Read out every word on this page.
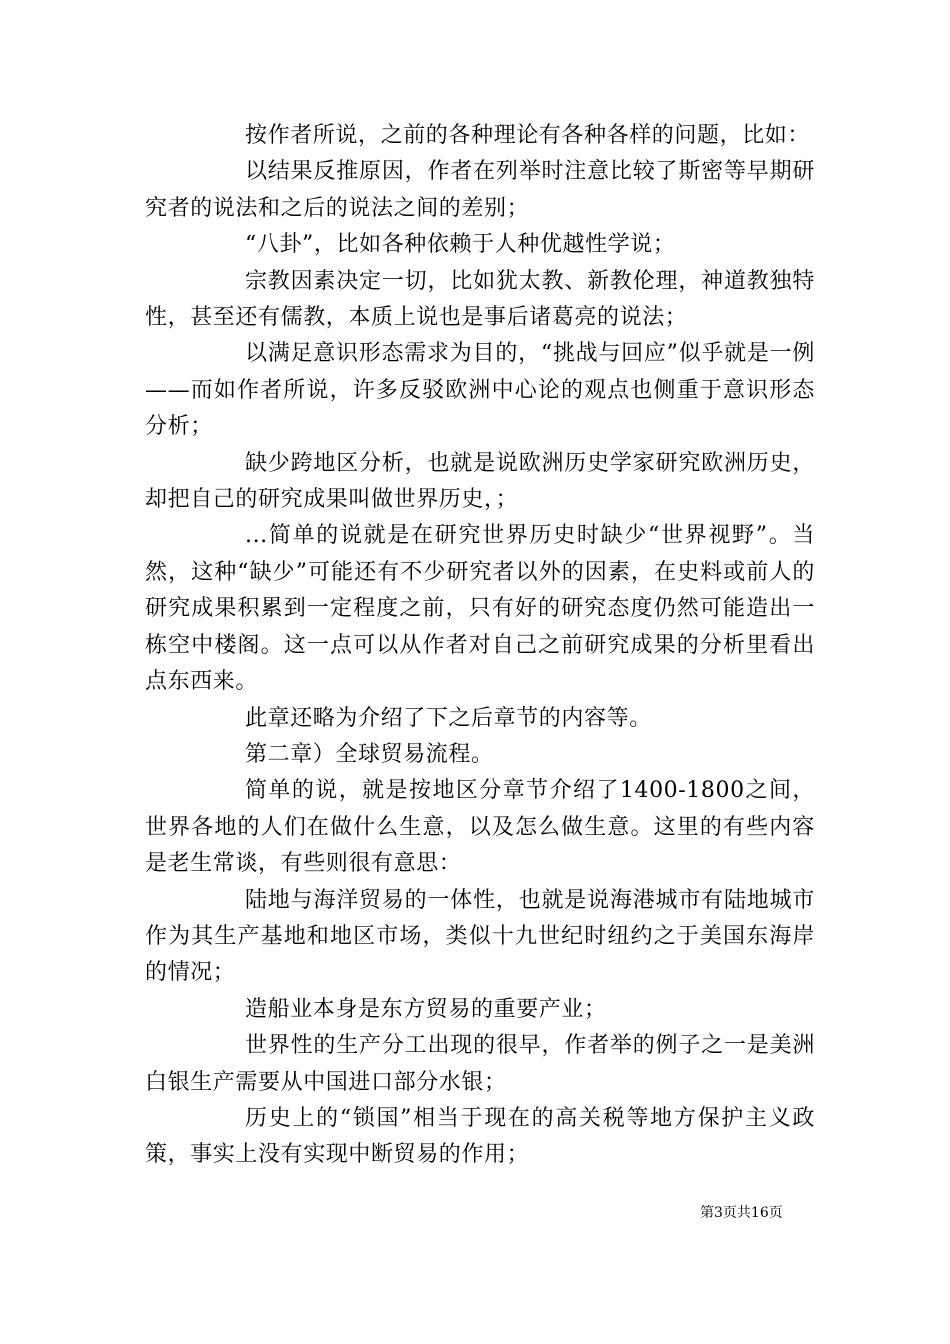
按作者所说，之前的各种理论有各种各样的问题，比如：

以结果反推原因，作者在列举时注意比较了斯密等早期研究者的说法和之后的说法之间的差别；

“八卦”，比如各种依赖于人种优越性学说；

宗教因素决定一切，比如犹太教、新教伦理，神道教独特性，甚至还有儒教，本质上说也是事后诸葛亮的说法；

以满足意识形态需求为目的，“挑战与回应”似乎就是一例——而如作者所说，许多反驳欧洲中心论的观点也侧重于意识形态分析；

缺少跨地区分析，也就是说欧洲历史学家研究欧洲历史，却把自己的研究成果叫做世界历史，；

...简单的说就是在研究世界历史时缺少“世界视野”。当然，这种“缺少”可能还有不少研究者以外的因素，在史料或前人的研究成果积累到一定程度之前，只有好的研究态度仍然可能造出一栋空中楼阁。这一点可以从作者对自己之前研究成果的分析里看出点东西来。

此章还略为介绍了下之后章节的内容等。

第二章）全球贸易流程。

简单的说，就是按地区分章节介绍了1400-1800之间，世界各地的人们在做什么生意，以及怎么做生意。这里的有些内容是老生常谈，有些则很有意思：

陆地与海洋贸易的一体性，也就是说海港城市有陆地城市作为其生产基地和地区市场，类似十九世纪时纽约之于美国东海岸的情况；

造船业本身是东方贸易的重要产业；

世界性的生产分工出现的很早，作者举的例子之一是美洲白银生产需要从中国进口部分水银；

历史上的“锁国”相当于现在的高关税等地方保护主义政策，事实上没有实现中断贸易的作用；

第3页共16页
